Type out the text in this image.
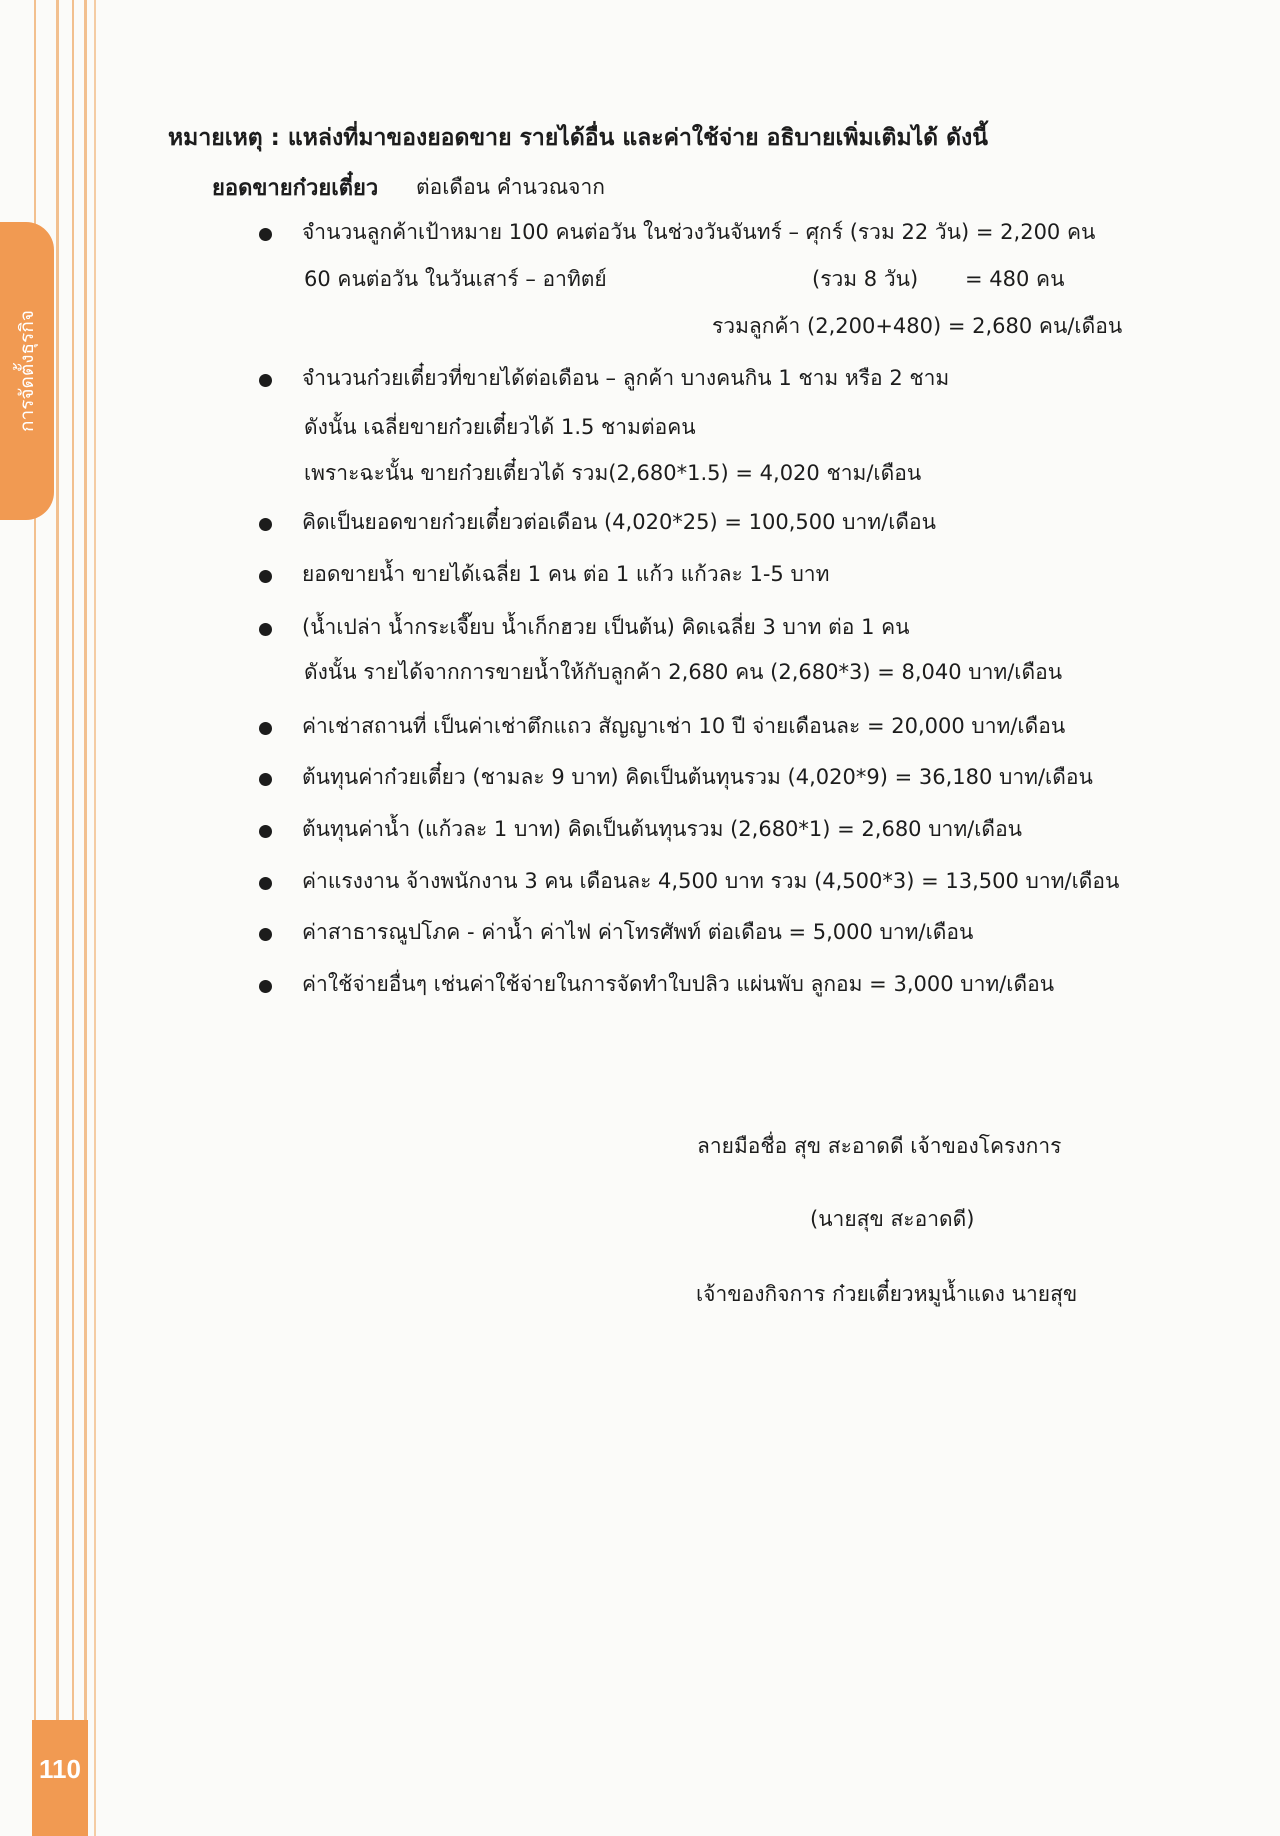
การจัดตั้งธุรกิจ
110
หมายเหตุ : แหล่งที่มาของยอดขาย รายได้อื่น และค่าใช้จ่าย อธิบายเพิ่มเติมได้ ดังนี้
ยอดขายก๋วยเตี๋ยว ต่อเดือน คำนวณจาก
จำนวนลูกค้าเป้าหมาย 100 คนต่อวัน ในช่วงวันจันทร์ – ศุกร์ (รวม 22 วัน) = 2,200 คน
60 คนต่อวัน ในวันเสาร์ – อาทิตย์	(รวม 8 วัน) = 480 คน
รวมลูกค้า (2,200+480) = 2,680 คน/เดือน
จำนวนก๋วยเตี๋ยวที่ขายได้ต่อเดือน – ลูกค้า บางคนกิน 1 ชาม หรือ 2 ชาม
ดังนั้น เฉลี่ยขายก๋วยเตี๋ยวได้ 1.5 ชามต่อคน
เพราะฉะนั้น ขายก๋วยเตี๋ยวได้ รวม(2,680*1.5) = 4,020 ชาม/เดือน
คิดเป็นยอดขายก๋วยเตี๋ยวต่อเดือน (4,020*25) = 100,500 บาท/เดือน
ยอดขายน้ำ ขายได้เฉลี่ย 1 คน ต่อ 1 แก้ว แก้วละ 1-5 บาท
(น้ำเปล่า น้ำกระเจี๊ยบ น้ำเก็กฮวย เป็นต้น) คิดเฉลี่ย 3 บาท ต่อ 1 คน
ดังนั้น รายได้จากการขายน้ำให้กับลูกค้า 2,680 คน (2,680*3) = 8,040 บาท/เดือน
ค่าเช่าสถานที่ เป็นค่าเช่าตึกแถว สัญญาเช่า 10 ปี จ่ายเดือนละ = 20,000 บาท/เดือน
ต้นทุนค่าก๋วยเตี๋ยว (ชามละ 9 บาท) คิดเป็นต้นทุนรวม (4,020*9) = 36,180 บาท/เดือน
ต้นทุนค่าน้ำ (แก้วละ 1 บาท) คิดเป็นต้นทุนรวม (2,680*1) = 2,680 บาท/เดือน
ค่าแรงงาน จ้างพนักงาน 3 คน เดือนละ 4,500 บาท รวม (4,500*3) = 13,500 บาท/เดือน
ค่าสาธารณูปโภค - ค่าน้ำ ค่าไฟ ค่าโทรศัพท์ ต่อเดือน = 5,000 บาท/เดือน
ค่าใช้จ่ายอื่นๆ เช่นค่าใช้จ่ายในการจัดทำใบปลิว แผ่นพับ ลูกอม = 3,000 บาท/เดือน
ลายมือชื่อ สุข สะอาดดี เจ้าของโครงการ
(นายสุข สะอาดดี)
เจ้าของกิจการ ก๋วยเตี๋ยวหมูน้ำแดง นายสุข
